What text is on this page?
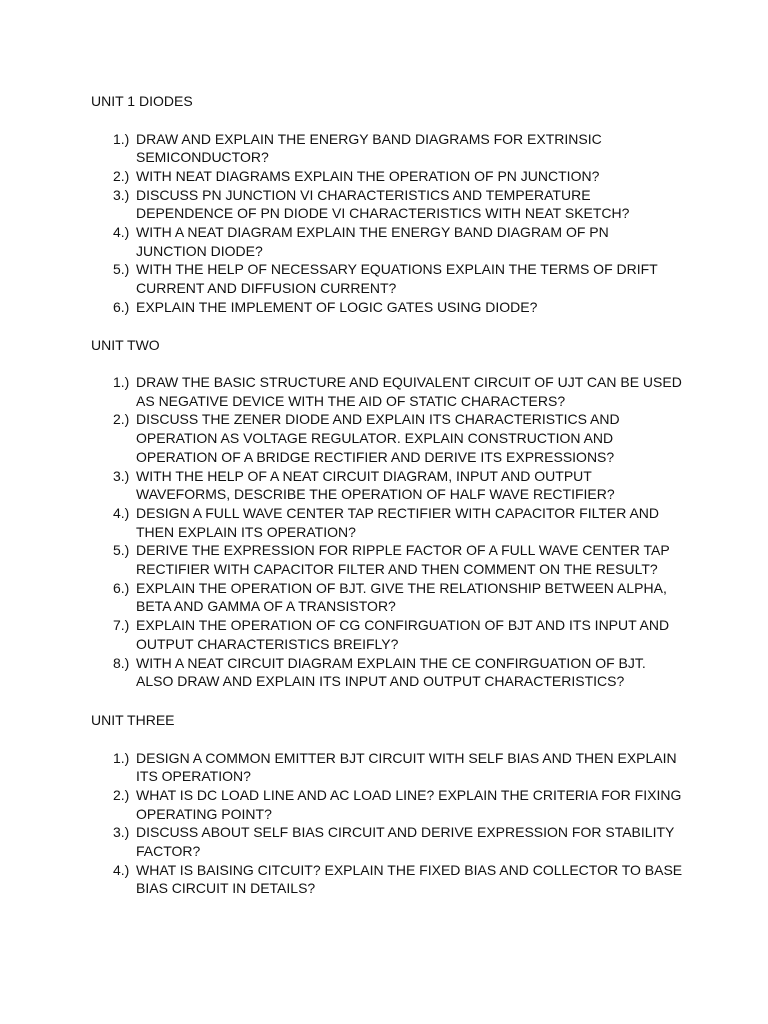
UNIT 1 DIODES
1.) DRAW AND EXPLAIN THE ENERGY BAND DIAGRAMS FOR EXTRINSIC
SEMICONDUCTOR?
2.) WITH NEAT DIAGRAMS EXPLAIN THE OPERATION OF PN JUNCTION?
3.) DISCUSS PN JUNCTION VI CHARACTERISTICS AND TEMPERATURE
DEPENDENCE OF PN DIODE VI CHARACTERISTICS WITH NEAT SKETCH?
4.) WITH A NEAT DIAGRAM EXPLAIN THE ENERGY BAND DIAGRAM OF PN
JUNCTION DIODE?
5.) WITH THE HELP OF NECESSARY EQUATIONS EXPLAIN THE TERMS OF DRIFT
CURRENT AND DIFFUSION CURRENT?
6.) EXPLAIN THE IMPLEMENT OF LOGIC GATES USING DIODE?
UNIT TWO
1.) DRAW THE BASIC STRUCTURE AND EQUIVALENT CIRCUIT OF UJT CAN BE USED
AS NEGATIVE DEVICE WITH THE AID OF STATIC CHARACTERS?
2.) DISCUSS THE ZENER DIODE AND EXPLAIN ITS CHARACTERISTICS AND
OPERATION AS VOLTAGE REGULATOR. EXPLAIN CONSTRUCTION AND
OPERATION OF A BRIDGE RECTIFIER AND DERIVE ITS EXPRESSIONS?
3.) WITH THE HELP OF A NEAT CIRCUIT DIAGRAM, INPUT AND OUTPUT
WAVEFORMS, DESCRIBE THE OPERATION OF HALF WAVE RECTIFIER?
4.) DESIGN A FULL WAVE CENTER TAP RECTIFIER WITH CAPACITOR FILTER AND
THEN EXPLAIN ITS OPERATION?
5.) DERIVE THE EXPRESSION FOR RIPPLE FACTOR OF A FULL WAVE CENTER TAP
RECTIFIER WITH CAPACITOR FILTER AND THEN COMMENT ON THE RESULT?
6.) EXPLAIN THE OPERATION OF BJT. GIVE THE RELATIONSHIP BETWEEN ALPHA,
BETA AND GAMMA OF A TRANSISTOR?
7.) EXPLAIN THE OPERATION OF CG CONFIRGUATION OF BJT AND ITS INPUT AND
OUTPUT CHARACTERISTICS BREIFLY?
8.) WITH A NEAT CIRCUIT DIAGRAM EXPLAIN THE CE CONFIRGUATION OF BJT.
ALSO DRAW AND EXPLAIN ITS INPUT AND OUTPUT CHARACTERISTICS?
UNIT THREE
1.) DESIGN A COMMON EMITTER BJT CIRCUIT WITH SELF BIAS AND THEN EXPLAIN
ITS OPERATION?
2.) WHAT IS DC LOAD LINE AND AC LOAD LINE? EXPLAIN THE CRITERIA FOR FIXING
OPERATING POINT?
3.) DISCUSS ABOUT SELF BIAS CIRCUIT AND DERIVE EXPRESSION FOR STABILITY
FACTOR?
4.) WHAT IS BAISING CITCUIT? EXPLAIN THE FIXED BIAS AND COLLECTOR TO BASE
BIAS CIRCUIT IN DETAILS?
